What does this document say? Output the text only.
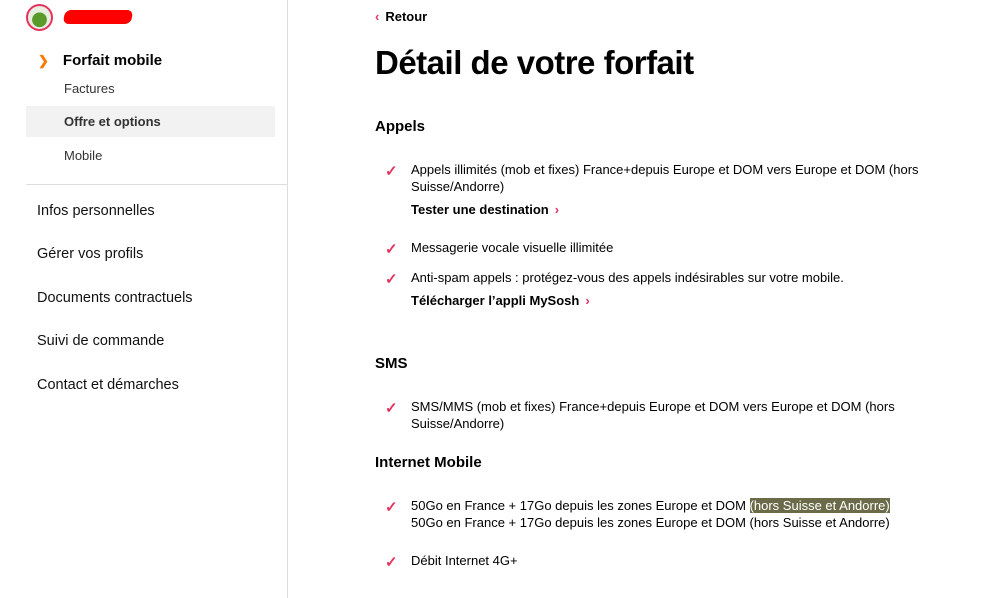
❯ Forfait mobile
Factures
Offre et options
Mobile
Infos personnelles
Gérer vos profils
Documents contractuels
Suivi de commande
Contact et démarches
‹ Retour
Détail de votre forfait
Appels
✓ Appels illimités (mob et fixes) France+depuis Europe et DOM vers Europe et DOM (hors Suisse/Andorre)
Tester une destination ›
✓ Messagerie vocale visuelle illimitée
✓ Anti-spam appels : protégez-vous des appels indésirables sur votre mobile.
Télécharger l’appli MySosh ›
SMS
✓ SMS/MMS (mob et fixes) France+depuis Europe et DOM vers Europe et DOM (hors Suisse/Andorre)
Internet Mobile
✓ 50Go en France + 17Go depuis les zones Europe et DOM (hors Suisse et Andorre)
50Go en France + 17Go depuis les zones Europe et DOM (hors Suisse et Andorre)
✓ Débit Internet 4G+
